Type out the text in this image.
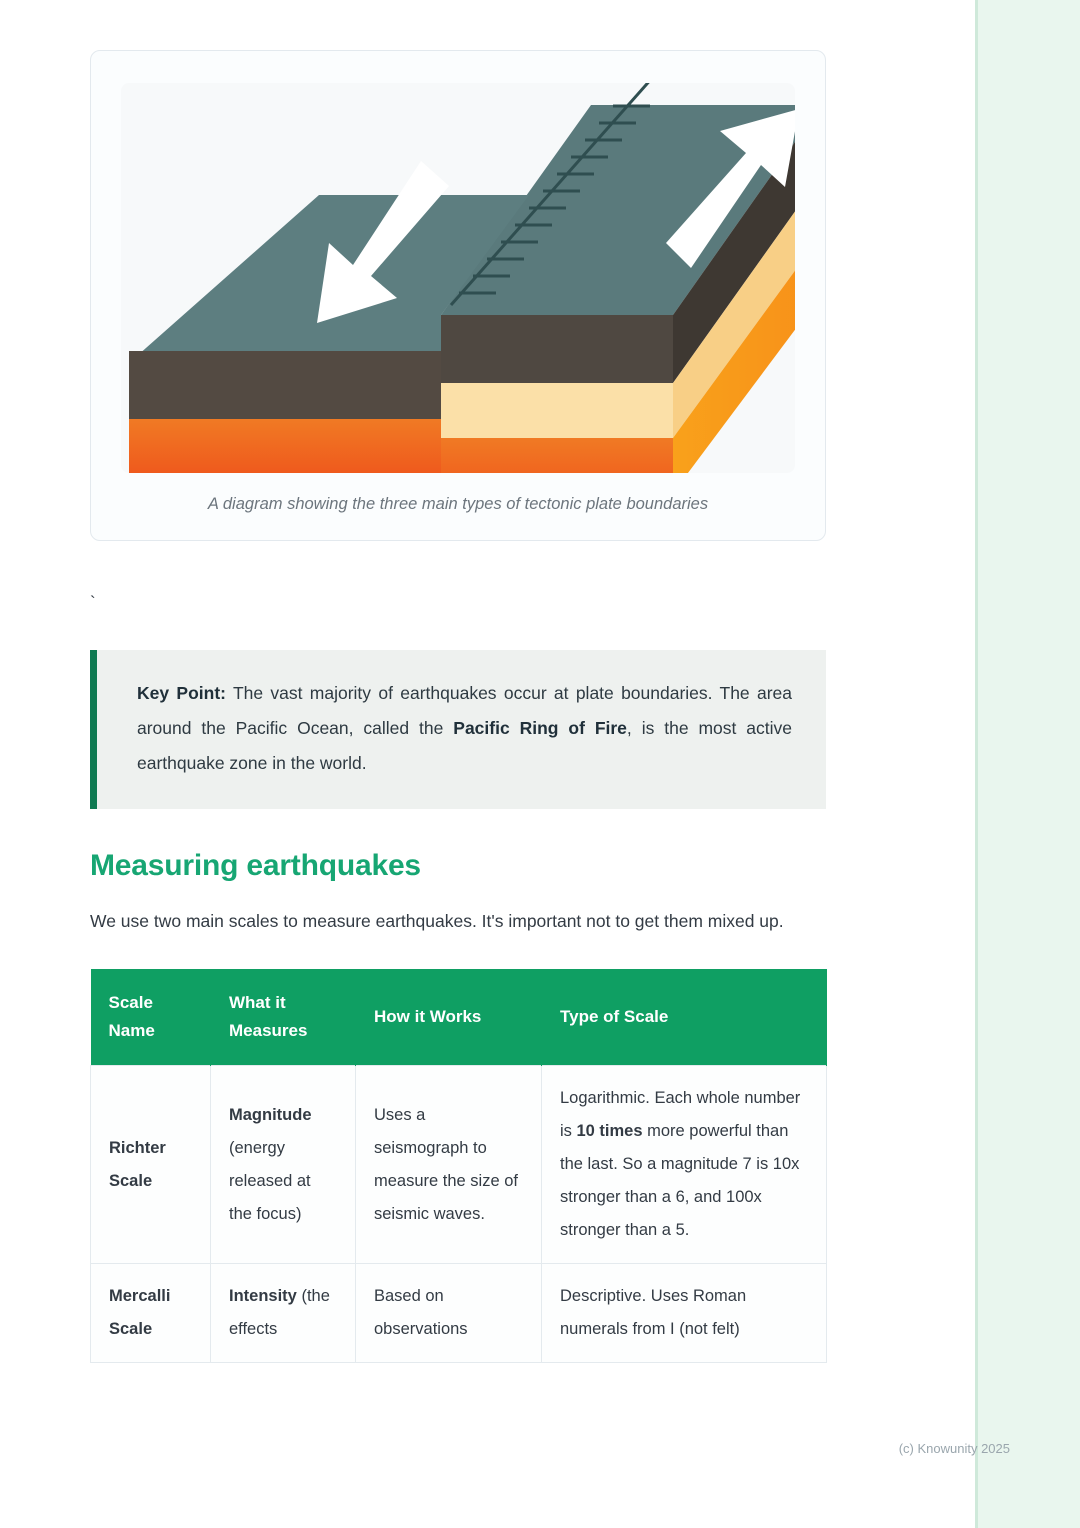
A diagram showing the three main types of tectonic plate boundaries
`

Key Point: The vast majority of earthquakes occur at plate boundaries. The area around the Pacific Ocean, called the Pacific Ring of Fire, is the most active earthquake zone in the world.

Measuring earthquakes

We use two main scales to measure earthquakes. It's important not to get them mixed up.

Scale Name	What it Measures	How it Works	Type of Scale
Richter Scale	Magnitude (energy released at the focus)	Uses a seismograph to measure the size of seismic waves.	Logarithmic. Each whole number is 10 times more powerful than the last. So a magnitude 7 is 10x stronger than a 6, and 100x stronger than a 5.
Mercalli Scale	Intensity (the effects	Based on observations	Descriptive. Uses Roman numerals from I (not felt)
(c) Knowunity 2025
